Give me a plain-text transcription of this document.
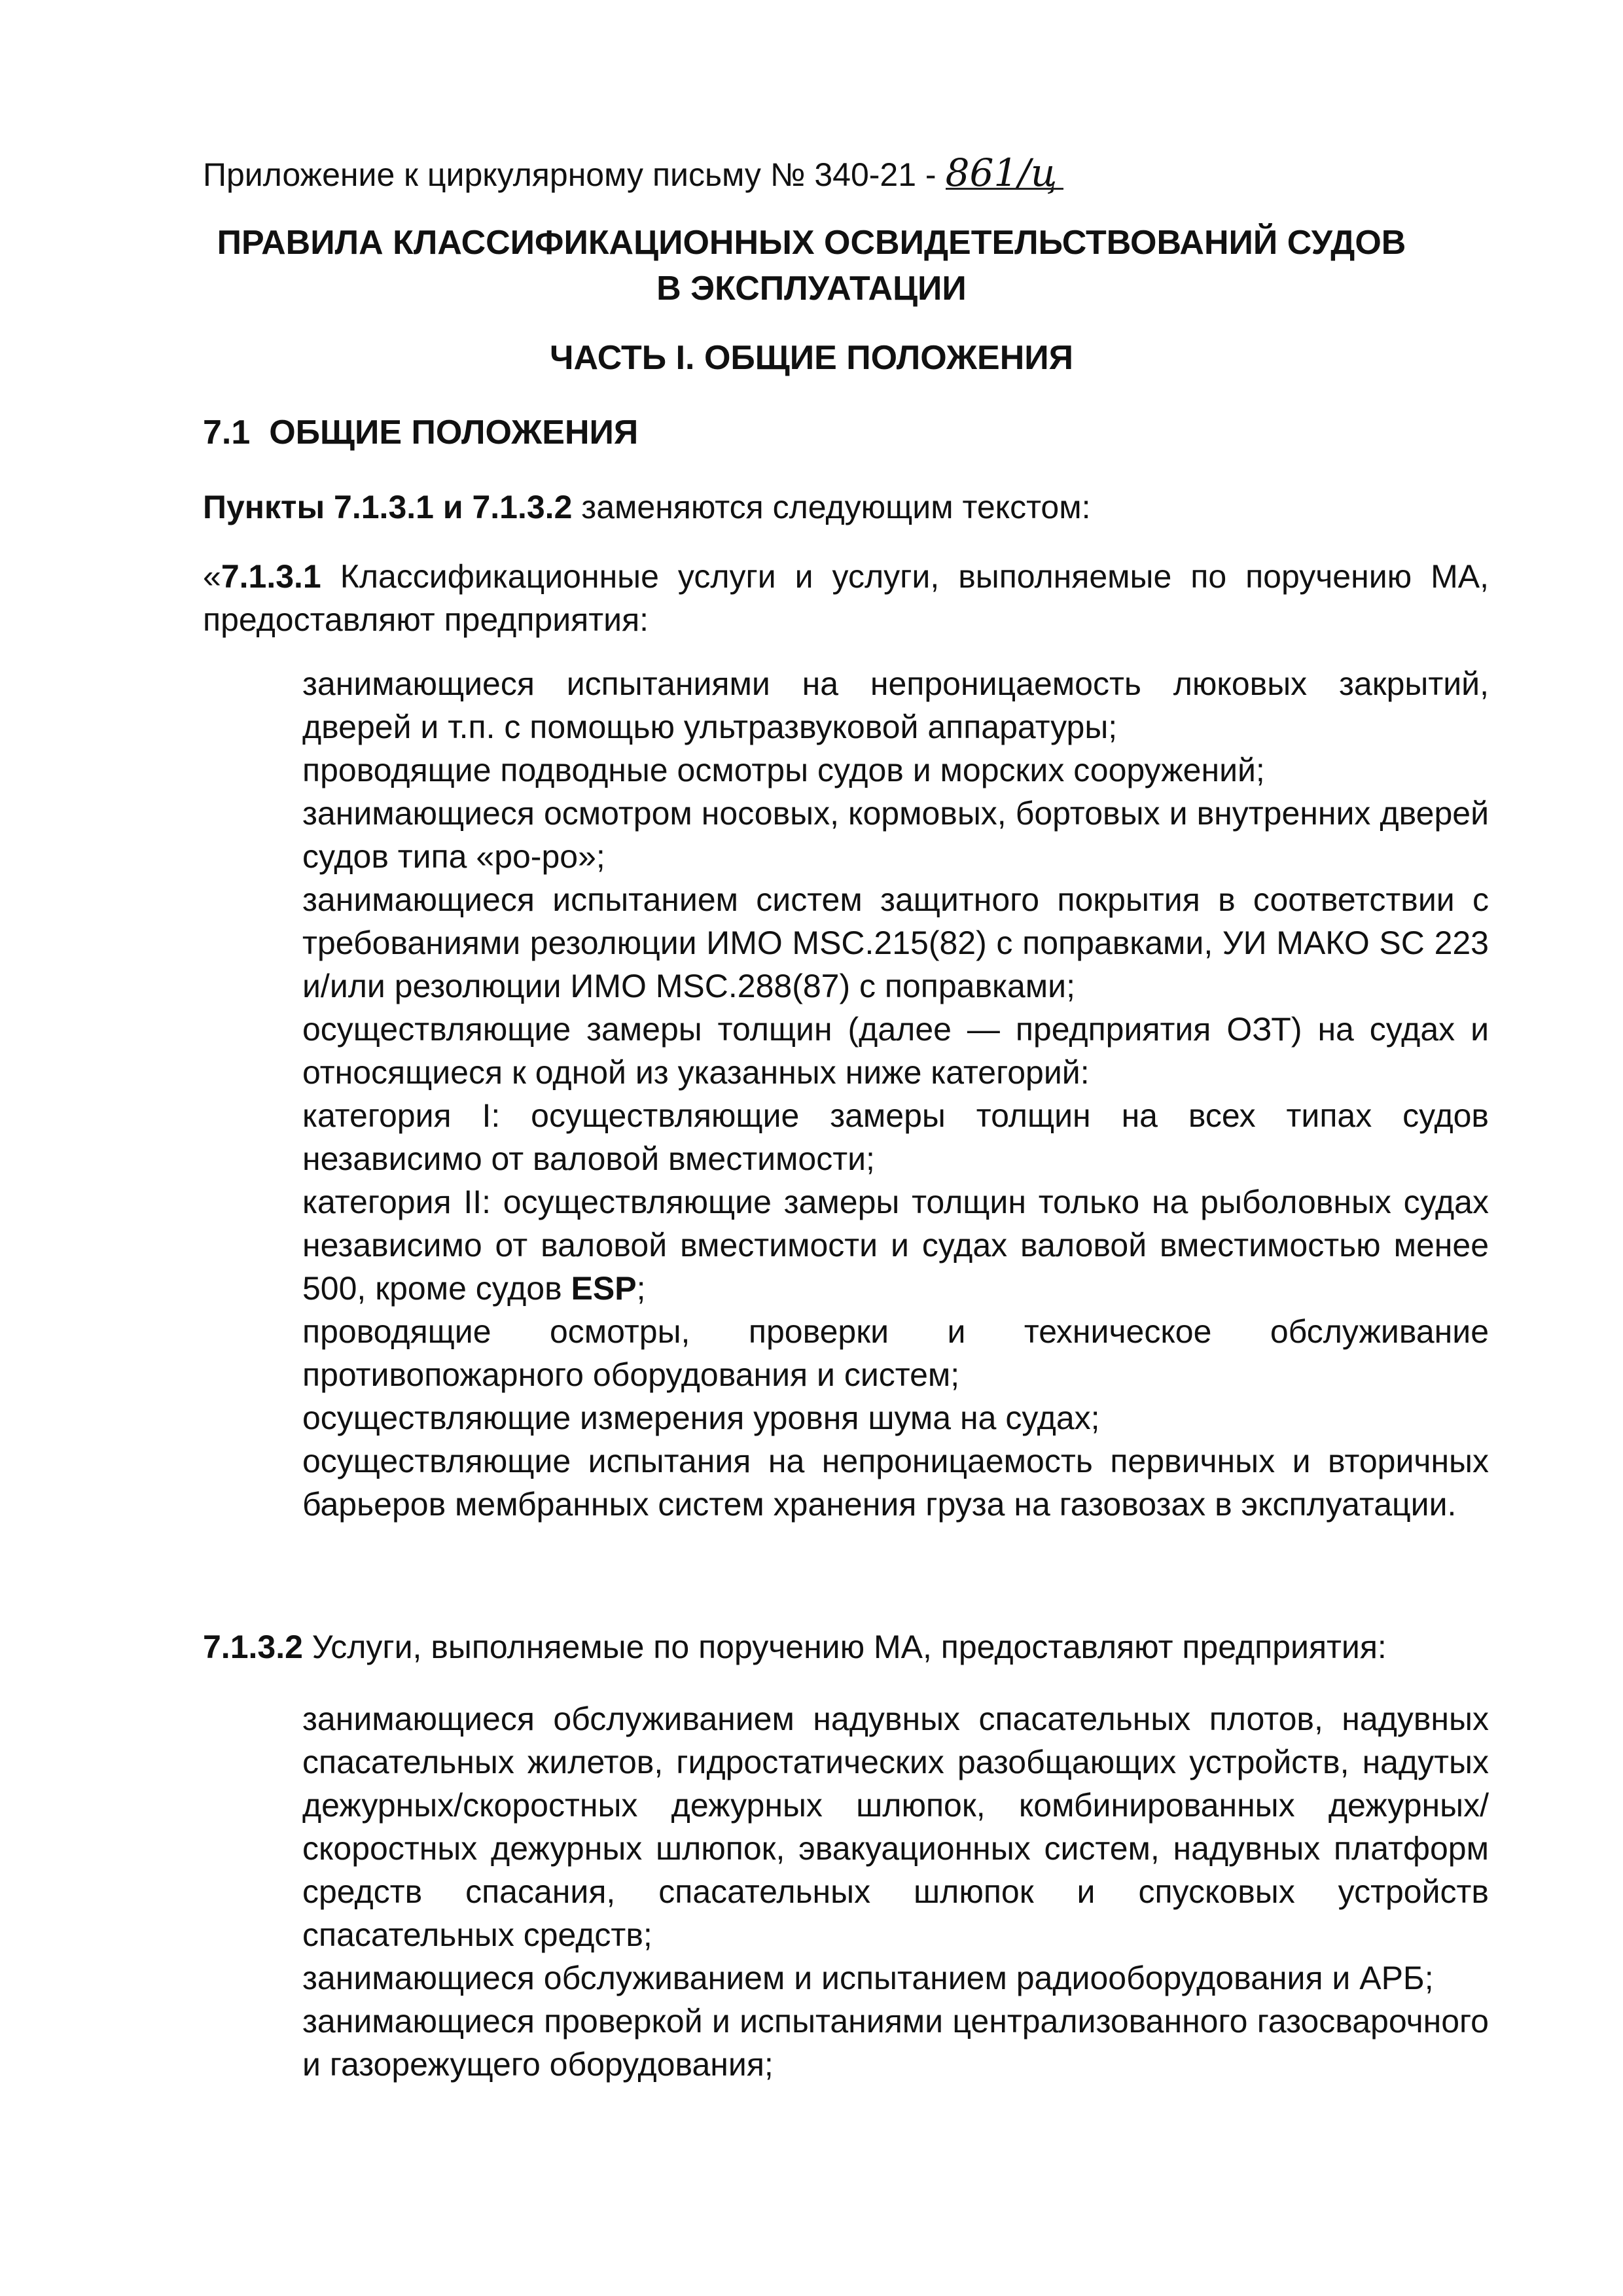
Приложение к циркулярному письму № 340-21 - 861/ц
ПРАВИЛА КЛАССИФИКАЦИОННЫХ ОСВИДЕТЕЛЬСТВОВАНИЙ СУДОВ
В ЭКСПЛУАТАЦИИ
ЧАСТЬ I. ОБЩИЕ ПОЛОЖЕНИЯ
7.1 ОБЩИЕ ПОЛОЖЕНИЯ
Пункты 7.1.3.1 и 7.1.3.2 заменяются следующим текстом:
«7.1.3.1 Классификационные услуги и услуги, выполняемые по поручению МА, предоставляют предприятия:
занимающиеся испытаниями на непроницаемость люковых закрытий, дверей и т.п. с помощью ультразвуковой аппаратуры;
проводящие подводные осмотры судов и морских сооружений;
занимающиеся осмотром носовых, кормовых, бортовых и внутренних дверей судов типа «ро-ро»;
занимающиеся испытанием систем защитного покрытия в соответствии с требованиями резолюции ИМО MSC.215(82) с поправками, УИ МАКО SC 223 и/или резолюции ИМО MSC.288(87) с поправками;
осуществляющие замеры толщин (далее — предприятия ОЗТ) на судах и относящиеся к одной из указанных ниже категорий:
категория I: осуществляющие замеры толщин на всех типах судов независимо от валовой вместимости;
категория II: осуществляющие замеры толщин только на рыболовных судах независимо от валовой вместимости и судах валовой вместимостью менее 500, кроме судов ESP;
проводящие осмотры, проверки и техническое обслуживание противопожарного оборудования и систем;
осуществляющие измерения уровня шума на судах;
осуществляющие испытания на непроницаемость первичных и вторичных барьеров мембранных систем хранения груза на газовозах в эксплуатации.
7.1.3.2 Услуги, выполняемые по поручению МА, предоставляют предприятия:
занимающиеся обслуживанием надувных спасательных плотов, надувных спасательных жилетов, гидростатических разобщающих устройств, надутых дежурных/скоростных дежурных шлюпок, комбинированных дежурных/скоростных дежурных шлюпок, эвакуационных систем, надувных платформ средств спасания, спасательных шлюпок и спусковых устройств спасательных средств;
занимающиеся обслуживанием и испытанием радиооборудования и АРБ;
занимающиеся проверкой и испытаниями централизованного газосварочного и газорежущего оборудования;
